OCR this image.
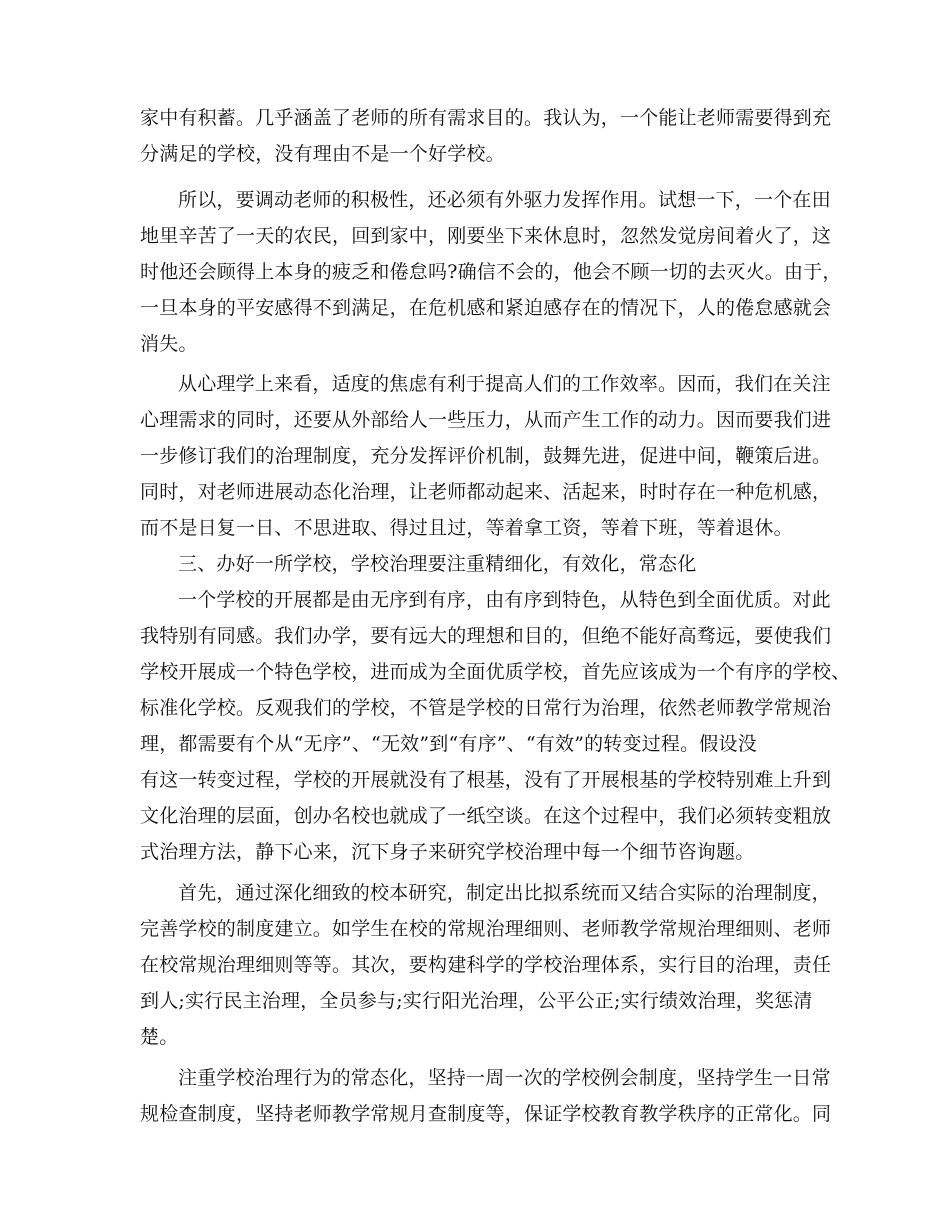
家中有积蓄。几乎涵盖了老师的所有需求目的。我认为，一个能让老师需要得到充
分满足的学校，没有理由不是一个好学校。
所以，要调动老师的积极性，还必须有外驱力发挥作用。试想一下，一个在田
地里辛苦了一天的农民，回到家中，刚要坐下来休息时，忽然发觉房间着火了，这
时他还会顾得上本身的疲乏和倦怠吗?确信不会的，他会不顾一切的去灭火。由于，
一旦本身的平安感得不到满足，在危机感和紧迫感存在的情况下，人的倦怠感就会
消失。
从心理学上来看，适度的焦虑有利于提高人们的工作效率。因而，我们在关注
心理需求的同时，还要从外部给人一些压力，从而产生工作的动力。因而要我们进
一步修订我们的治理制度，充分发挥评价机制，鼓舞先进，促进中间，鞭策后进。
同时，对老师进展动态化治理，让老师都动起来、活起来，时时存在一种危机感，
而不是日复一日、不思进取、得过且过，等着拿工资，等着下班，等着退休。
三、办好一所学校，学校治理要注重精细化，有效化，常态化
一个学校的开展都是由无序到有序，由有序到特色，从特色到全面优质。对此
我特别有同感。我们办学，要有远大的理想和目的，但绝不能好高骛远，要使我们
学校开展成一个特色学校，进而成为全面优质学校，首先应该成为一个有序的学校、
标准化学校。反观我们的学校，不管是学校的日常行为治理，依然老师教学常规治
理，都需要有个从“无序”、“无效”到“有序”、“有效”的转变过程。假设没
有这一转变过程，学校的开展就没有了根基，没有了开展根基的学校特别难上升到
文化治理的层面，创办名校也就成了一纸空谈。在这个过程中，我们必须转变粗放
式治理方法，静下心来，沉下身子来研究学校治理中每一个细节咨询题。
首先，通过深化细致的校本研究，制定出比拟系统而又结合实际的治理制度，
完善学校的制度建立。如学生在校的常规治理细则、老师教学常规治理细则、老师
在校常规治理细则等等。其次，要构建科学的学校治理体系，实行目的治理，责任
到人;实行民主治理，全员参与;实行阳光治理，公平公正;实行绩效治理，奖惩清
楚。
注重学校治理行为的常态化，坚持一周一次的学校例会制度，坚持学生一日常
规检查制度，坚持老师教学常规月查制度等，保证学校教育教学秩序的正常化。同
